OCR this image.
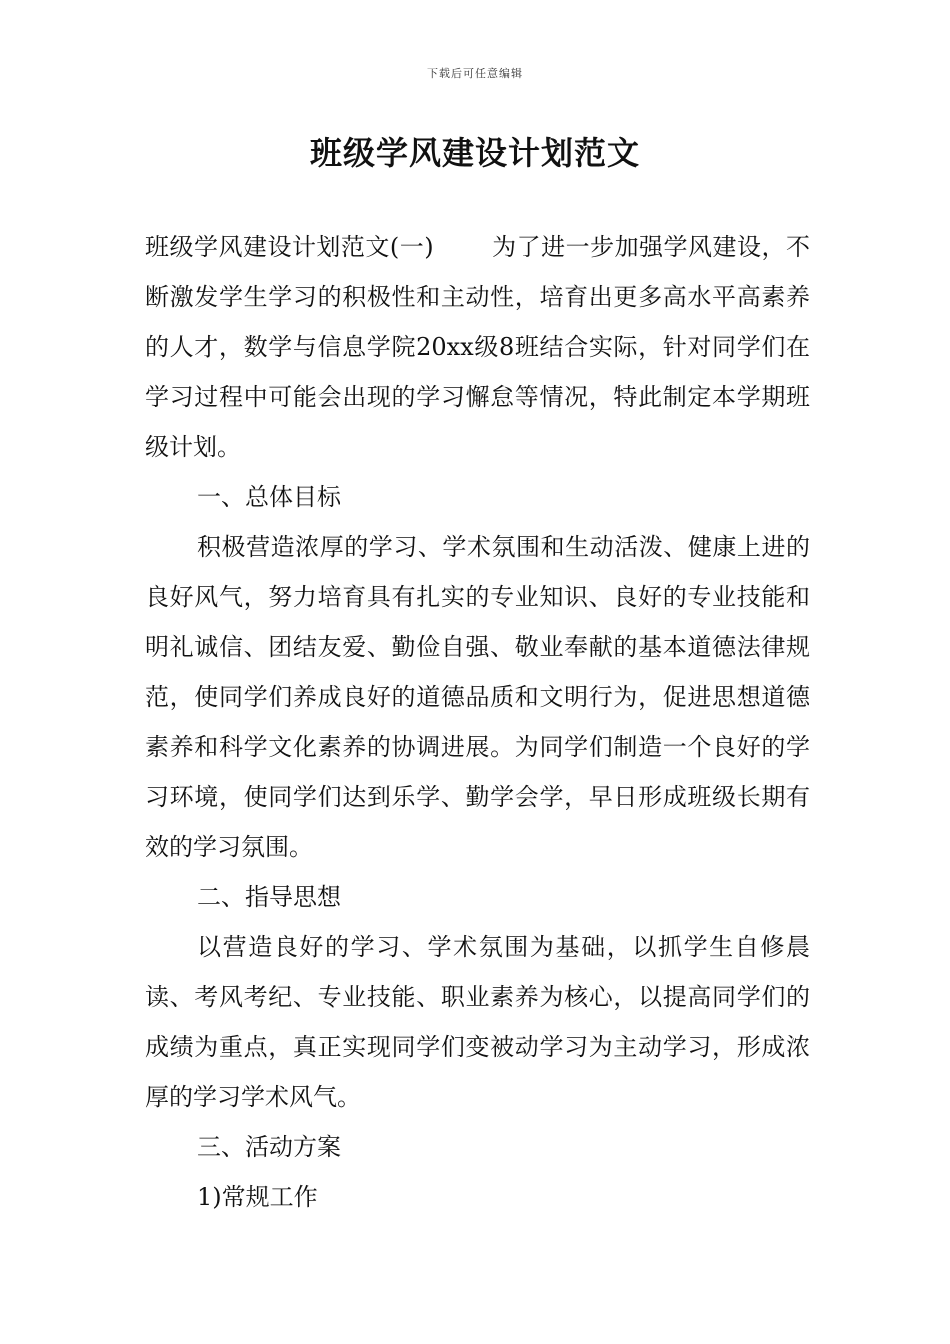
下载后可任意编辑
班级学风建设计划范文

班级学风建设计划范文(一) 为了进一步加强学风建设，不断激发学生学习的积极性和主动性，培育出更多高水平高素养的人才，数学与信息学院20xx级8班结合实际，针对同学们在学习过程中可能会出现的学习懈怠等情况，特此制定本学期班级计划。

一、总体目标

积极营造浓厚的学习、学术氛围和生动活泼、健康上进的良好风气，努力培育具有扎实的专业知识、良好的专业技能和明礼诚信、团结友爱、勤俭自强、敬业奉献的基本道德法律规范，使同学们养成良好的道德品质和文明行为，促进思想道德素养和科学文化素养的协调进展。为同学们制造一个良好的学习环境，使同学们达到乐学、勤学会学，早日形成班级长期有效的学习氛围。

二、指导思想

以营造良好的学习、学术氛围为基础，以抓学生自修晨读、考风考纪、专业技能、职业素养为核心，以提高同学们的成绩为重点，真正实现同学们变被动学习为主动学习，形成浓厚的学习学术风气。

三、活动方案

1)常规工作
